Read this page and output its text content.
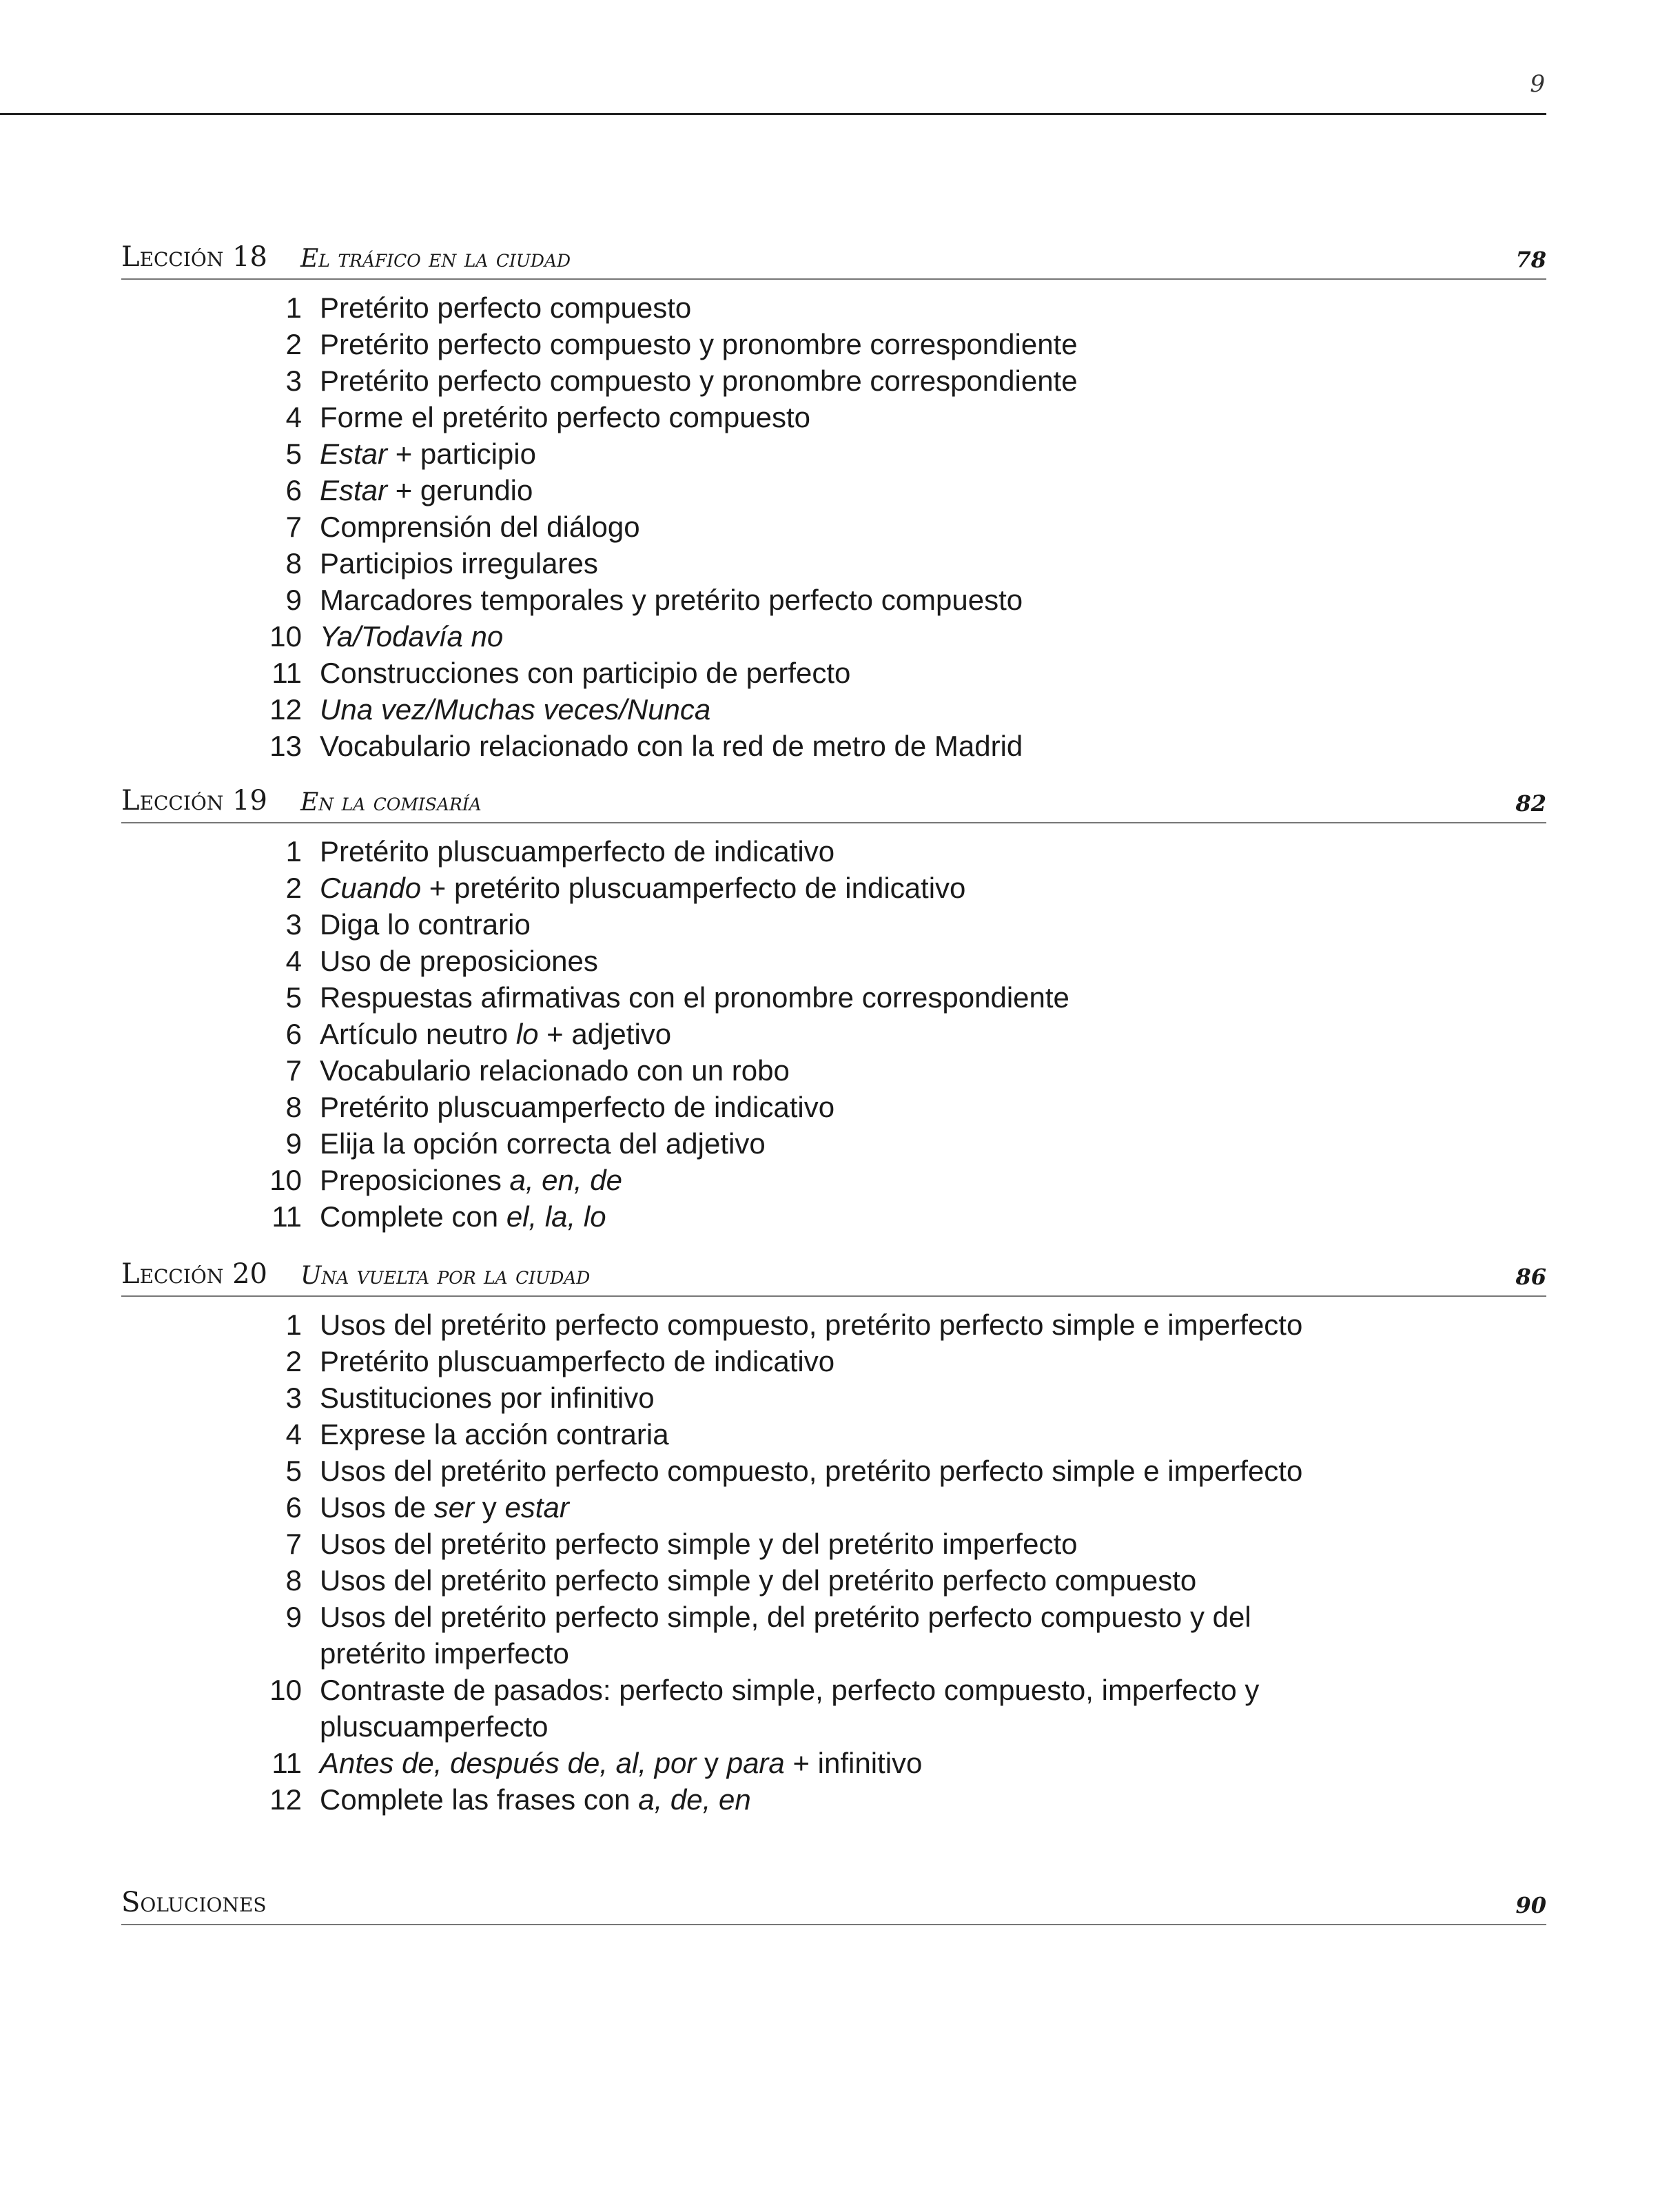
9
Lección 18	El tráfico en la ciudad	78
1 Pretérito perfecto compuesto
2 Pretérito perfecto compuesto y pronombre correspondiente
3 Pretérito perfecto compuesto y pronombre correspondiente
4 Forme el pretérito perfecto compuesto
5 Estar + participio
6 Estar + gerundio
7 Comprensión del diálogo
8 Participios irregulares
9 Marcadores temporales y pretérito perfecto compuesto
10 Ya/Todavía no
11 Construcciones con participio de perfecto
12 Una vez/Muchas veces/Nunca
13 Vocabulario relacionado con la red de metro de Madrid
Lección 19	En la comisaría	82
1 Pretérito pluscuamperfecto de indicativo
2 Cuando + pretérito pluscuamperfecto de indicativo
3 Diga lo contrario
4 Uso de preposiciones
5 Respuestas afirmativas con el pronombre correspondiente
6 Artículo neutro lo + adjetivo
7 Vocabulario relacionado con un robo
8 Pretérito pluscuamperfecto de indicativo
9 Elija la opción correcta del adjetivo
10 Preposiciones a, en, de
11 Complete con el, la, lo
Lección 20	Una vuelta por la ciudad	86
1 Usos del pretérito perfecto compuesto, pretérito perfecto simple e imperfecto
2 Pretérito pluscuamperfecto de indicativo
3 Sustituciones por infinitivo
4 Exprese la acción contraria
5 Usos del pretérito perfecto compuesto, pretérito perfecto simple e imperfecto
6 Usos de ser y estar
7 Usos del pretérito perfecto simple y del pretérito imperfecto
8 Usos del pretérito perfecto simple y del pretérito perfecto compuesto
9 Usos del pretérito perfecto simple, del pretérito perfecto compuesto y del pretérito imperfecto
10 Contraste de pasados: perfecto simple, perfecto compuesto, imperfecto y pluscuamperfecto
11 Antes de, después de, al, por y para + infinitivo
12 Complete las frases con a, de, en
Soluciones	90
